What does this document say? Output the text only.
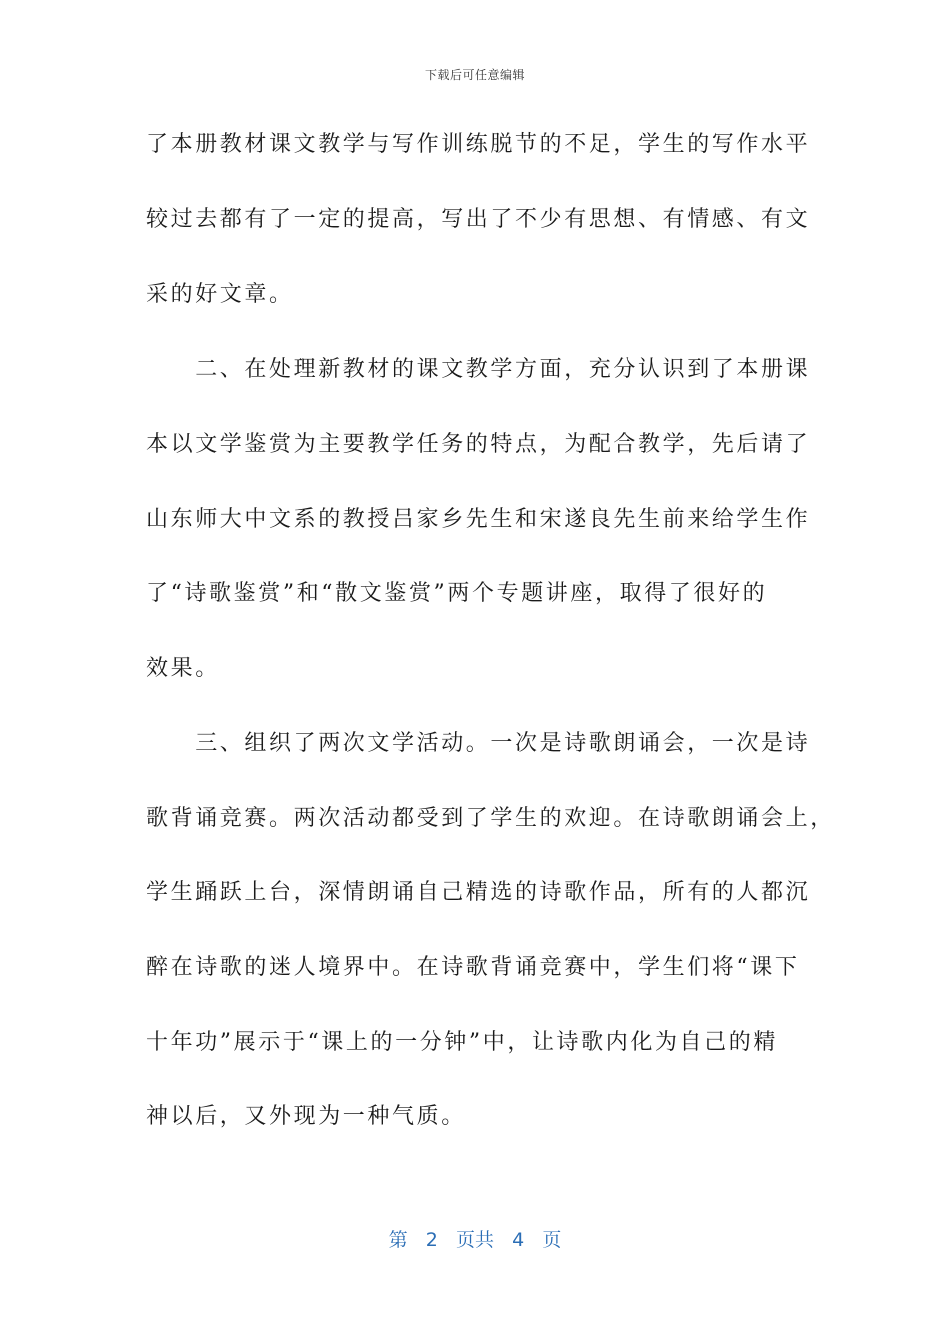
下载后可任意编辑
了本册教材课文教学与写作训练脱节的不足，学生的写作水平
较过去都有了一定的提高，写出了不少有思想、有情感、有文
采的好文章。
　　二、在处理新教材的课文教学方面，充分认识到了本册课
本以文学鉴赏为主要教学任务的特点，为配合教学，先后请了
山东师大中文系的教授吕家乡先生和宋遂良先生前来给学生作
了“诗歌鉴赏”和“散文鉴赏”两个专题讲座，取得了很好的
效果。
　　三、组织了两次文学活动。一次是诗歌朗诵会，一次是诗
歌背诵竞赛。两次活动都受到了学生的欢迎。在诗歌朗诵会上，
学生踊跃上台，深情朗诵自己精选的诗歌作品，所有的人都沉
醉在诗歌的迷人境界中。在诗歌背诵竞赛中，学生们将“课下
十年功”展示于“课上的一分钟”中，让诗歌内化为自己的精
神以后，又外现为一种气质。
第 2 页共 4 页
